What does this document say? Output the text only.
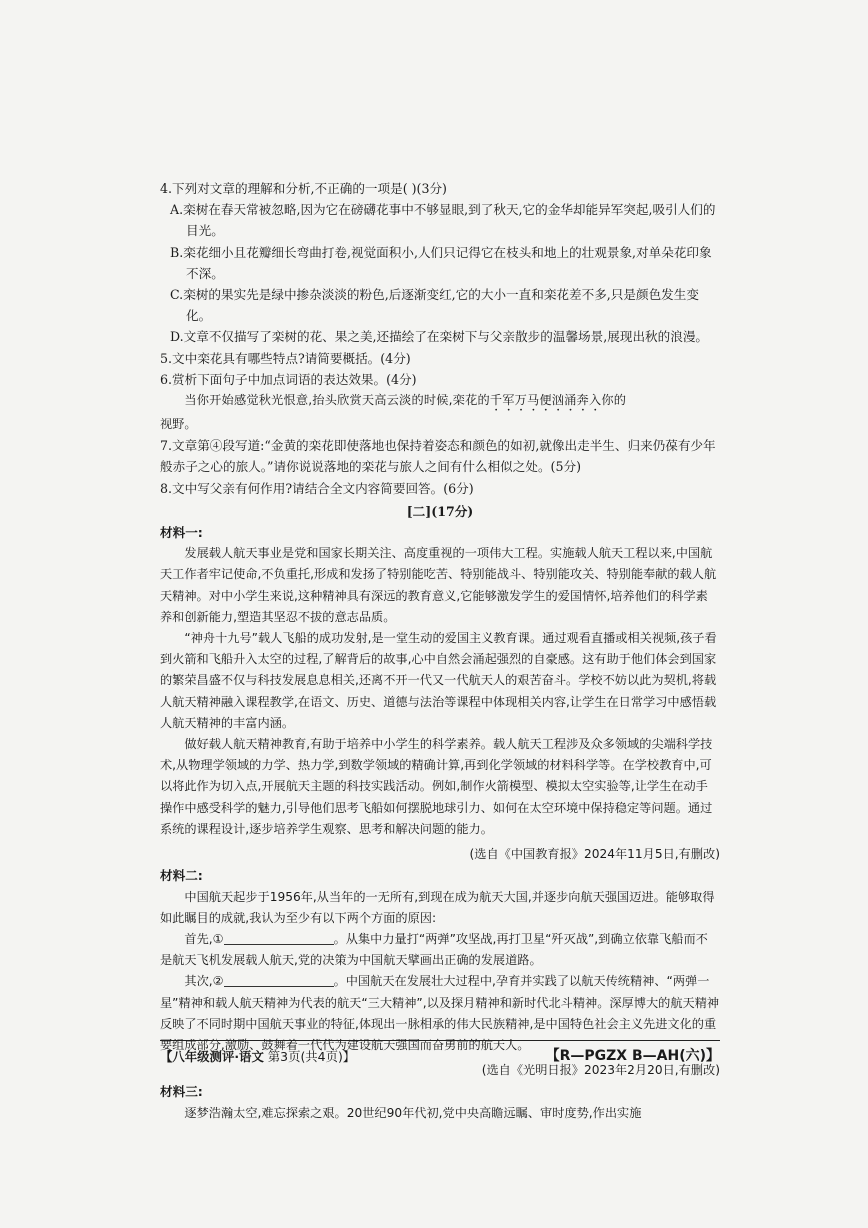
4.下列对文章的理解和分析,不正确的一项是( )(3分)

A.栾树在春天常被忽略,因为它在磅礴花事中不够显眼,到了秋天,它的金华却能异军突起,吸引人们的目光。

B.栾花细小且花瓣细长弯曲打卷,视觉面积小,人们只记得它在枝头和地上的壮观景象,对单朵花印象不深。

C.栾树的果实先是绿中掺杂淡淡的粉色,后逐渐变红,它的大小一直和栾花差不多,只是颜色发生变化。

D.文章不仅描写了栾树的花、果之美,还描绘了在栾树下与父亲散步的温馨场景,展现出秋的浪漫。

5.文中栾花具有哪些特点?请简要概括。(4分)

6.赏析下面句子中加点词语的表达效果。(4分)

当你开始感觉秋光恨意,抬头欣赏天高云淡的时候,栾花的千军万马便汹涌奔入你的

视野。

7.文章第④段写道:“金黄的栾花即使落地也保持着姿态和颜色的如初,就像出走半生、归来仍葆有少年般赤子之心的旅人。”请你说说落地的栾花与旅人之间有什么相似之处。(5分)

8.文中写父亲有何作用?请结合全文内容简要回答。(6分)

[二](17分)

材料一:

发展载人航天事业是党和国家长期关注、高度重视的一项伟大工程。实施载人航天工程以来,中国航天工作者牢记使命,不负重托,形成和发扬了特别能吃苦、特别能战斗、特别能攻关、特别能奉献的载人航天精神。对中小学生来说,这种精神具有深远的教育意义,它能够激发学生的爱国情怀,培养他们的科学素养和创新能力,塑造其坚忍不拔的意志品质。

“神舟十九号”载人飞船的成功发射,是一堂生动的爱国主义教育课。通过观看直播或相关视频,孩子看到火箭和飞船升入太空的过程,了解背后的故事,心中自然会涌起强烈的自豪感。这有助于他们体会到国家的繁荣昌盛不仅与科技发展息息相关,还离不开一代又一代航天人的艰苦奋斗。学校不妨以此为契机,将载人航天精神融入课程教学,在语文、历史、道德与法治等课程中体现相关内容,让学生在日常学习中感悟载人航天精神的丰富内涵。

做好载人航天精神教育,有助于培养中小学生的科学素养。载人航天工程涉及众多领域的尖端科学技术,从物理学领域的力学、热力学,到数学领域的精确计算,再到化学领域的材料科学等。在学校教育中,可以将此作为切入点,开展航天主题的科技实践活动。例如,制作火箭模型、模拟太空实验等,让学生在动手操作中感受科学的魅力,引导他们思考飞船如何摆脱地球引力、如何在太空环境中保持稳定等问题。通过系统的课程设计,逐步培养学生观察、思考和解决问题的能力。

(选自《中国教育报》2024年11月5日,有删改)

材料二:

中国航天起步于1956年,从当年的一无所有,到现在成为航天大国,并逐步向航天强国迈进。能够取得如此瞩目的成就,我认为至少有以下两个方面的原因:

首先,①	。从集中力量打“两弹”攻坚战,再打卫星“歼灭战”,到确立依靠飞船而不是航天飞机发展载人航天,党的决策为中国航天擘画出正确的发展道路。

其次,②	。中国航天在发展壮大过程中,孕育并实践了以航天传统精神、“两弹一星”精神和载人航天精神为代表的航天“三大精神”,以及探月精神和新时代北斗精神。深厚博大的航天精神反映了不同时期中国航天事业的特征,体现出一脉相承的伟大民族精神,是中国特色社会主义先进文化的重要组成部分,激励、鼓舞着一代代为建设航天强国而奋勇前的航天人。

(选自《光明日报》2023年2月20日,有删改)

材料三:

逐梦浩瀚太空,难忘探索之艰。20世纪90年代初,党中央高瞻远瞩、审时度势,作出实施

【八年级测评·语文 第3页(共4页)】	【R—PGZX B—AH(六)】
